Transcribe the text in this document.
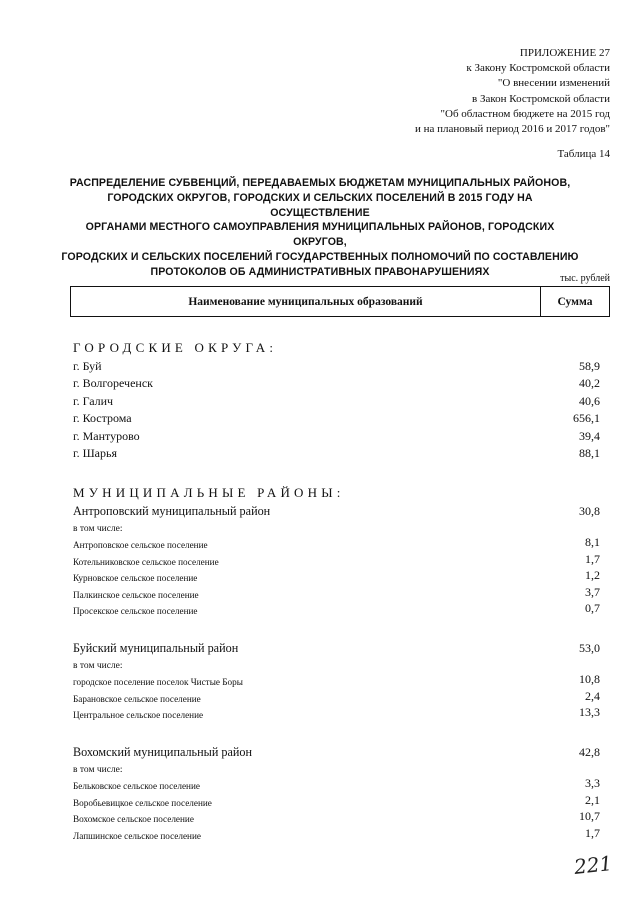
ПРИЛОЖЕНИЕ 27
к Закону Костромской области
"О внесении изменений
в Закон Костромской области
"Об областном бюджете на 2015 год
и на плановый период 2016 и 2017 годов"
Таблица 14
РАСПРЕДЕЛЕНИЕ СУБВЕНЦИЙ, ПЕРЕДАВАЕМЫХ БЮДЖЕТАМ МУНИЦИПАЛЬНЫХ РАЙОНОВ,
ГОРОДСКИХ ОКРУГОВ, ГОРОДСКИХ И СЕЛЬСКИХ ПОСЕЛЕНИЙ В 2015 ГОДУ НА ОСУЩЕСТВЛЕНИЕ
ОРГАНАМИ МЕСТНОГО САМОУПРАВЛЕНИЯ МУНИЦИПАЛЬНЫХ РАЙОНОВ, ГОРОДСКИХ ОКРУГОВ,
ГОРОДСКИХ И СЕЛЬСКИХ ПОСЕЛЕНИЙ ГОСУДАРСТВЕННЫХ ПОЛНОМОЧИЙ ПО СОСТАВЛЕНИЮ
ПРОТОКОЛОВ ОБ АДМИНИСТРАТИВНЫХ ПРАВОНАРУШЕНИЯХ
тыс. рублей
Наименование муниципальных образований	Сумма
ГОРОДСКИЕ ОКРУГА:
г. Буй	58,9
г. Волгореченск	40,2
г. Галич	40,6
г. Кострома	656,1
г. Мантурово	39,4
г. Шарья	88,1
МУНИЦИПАЛЬНЫЕ РАЙОНЫ:
Антроповский муниципальный район	30,8
в том числе:
Антроповское сельское поселение	8,1
Котельниковское сельское поселение	1,7
Курновское сельское поселение	1,2
Палкинское сельское поселение	3,7
Просекское сельское поселение	0,7
Буйский муниципальный район	53,0
в том числе:
городское поселение поселок Чистые Боры	10,8
Барановское сельское поселение	2,4
Центральное сельское поселение	13,3
Вохомский муниципальный район	42,8
в том числе:
Бельковское сельское поселение	3,3
Воробьевицкое сельское поселение	2,1
Вохомское сельское поселение	10,7
Лапшинское сельское поселение	1,7
221
